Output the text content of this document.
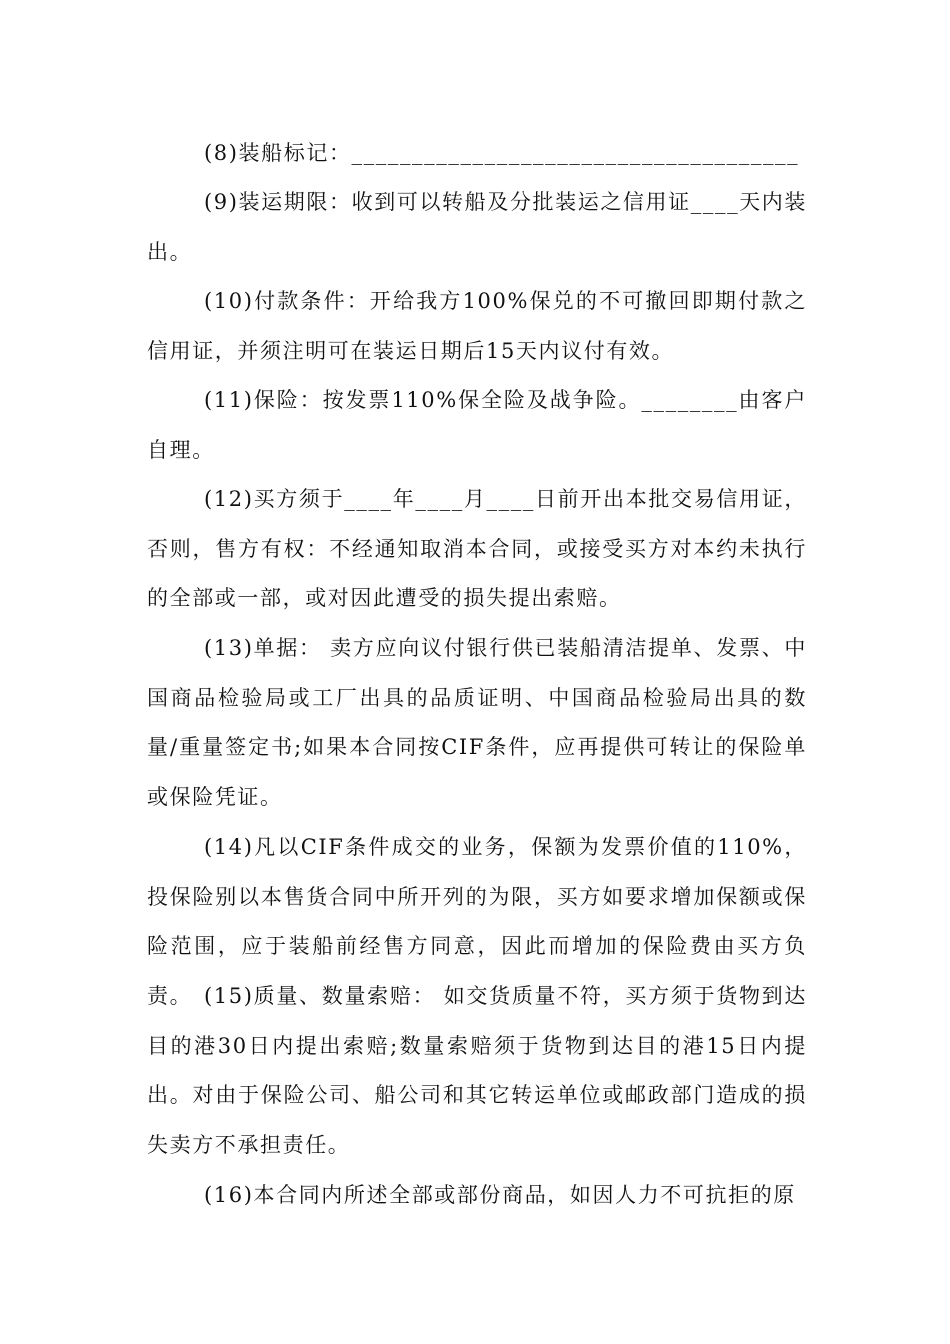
(8)装船标记：_____________________________________

(9)装运期限：收到可以转船及分批装运之信用证____天内装出。

(10)付款条件：开给我方100%保兑的不可撤回即期付款之信用证，并须注明可在装运日期后15天内议付有效。

(11)保险：按发票110%保全险及战争险。________由客户自理。

(12)买方须于____年____月____日前开出本批交易信用证，否则，售方有权：不经通知取消本合同，或接受买方对本约未执行的全部或一部，或对因此遭受的损失提出索赔。

(13)单据： 卖方应向议付银行供已装船清洁提单、发票、中国商品检验局或工厂出具的品质证明、中国商品检验局出具的数量/重量签定书;如果本合同按CIF条件，应再提供可转让的保险单或保险凭证。

(14)凡以CIF条件成交的业务，保额为发票价值的110%，投保险别以本售货合同中所开列的为限，买方如要求增加保额或保险范围，应于装船前经售方同意，因此而增加的保险费由买方负责。 (15)质量、数量索赔： 如交货质量不符，买方须于货物到达目的港30日内提出索赔;数量索赔须于货物到达目的港15日内提出。对由于保险公司、船公司和其它转运单位或邮政部门造成的损失卖方不承担责任。

(16)本合同内所述全部或部份商品，如因人力不可抗拒的原
